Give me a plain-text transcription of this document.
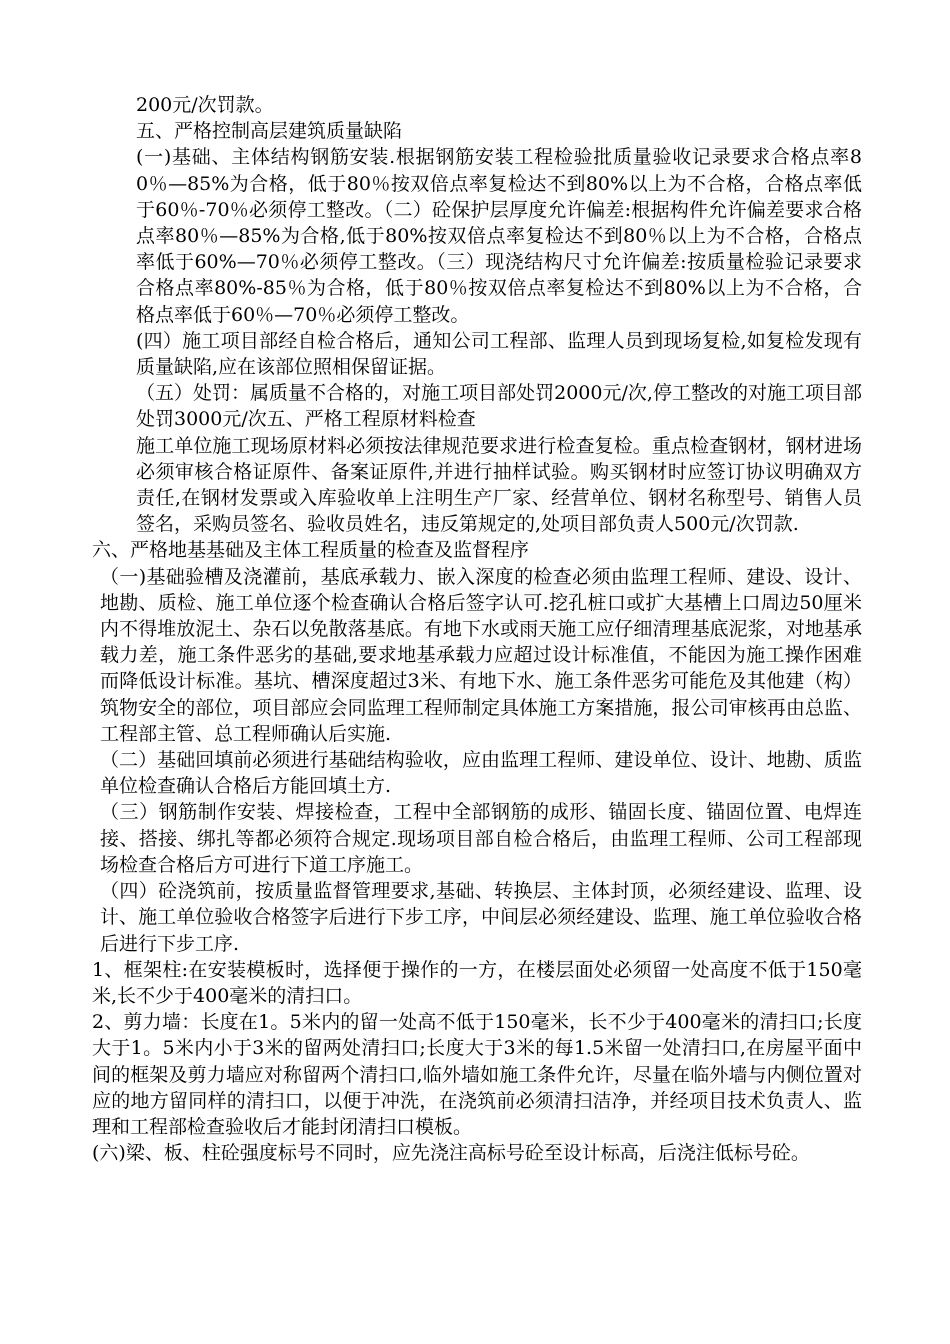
200元/次罚款。

五、严格控制高层建筑质量缺陷

(一)基础、主体结构钢筋安装.根据钢筋安装工程检验批质量验收记录要求合格点率80％—85%为合格，低于80％按双倍点率复检达不到80%以上为不合格，合格点率低于60％-70％必须停工整改。（二）砼保护层厚度允许偏差:根据构件允许偏差要求合格点率80％—85%为合格,低于80%按双倍点率复检达不到80％以上为不合格，合格点率低于60%—70％必须停工整改。（三）现浇结构尺寸允许偏差:按质量检验记录要求合格点率80%-85％为合格，低于80％按双倍点率复检达不到80%以上为不合格，合格点率低于60％—70％必须停工整改。

(四）施工项目部经自检合格后，通知公司工程部、监理人员到现场复检,如复检发现有质量缺陷,应在该部位照相保留证据。

（五）处罚：属质量不合格的，对施工项目部处罚2000元/次,停工整改的对施工项目部处罚3000元/次五、严格工程原材料检查

施工单位施工现场原材料必须按法律规范要求进行检查复检。重点检查钢材，钢材进场必须审核合格证原件、备案证原件,并进行抽样试验。购买钢材时应签订协议明确双方责任,在钢材发票或入库验收单上注明生产厂家、经营单位、钢材名称型号、销售人员签名，采购员签名、验收员姓名，违反第规定的,处项目部负责人500元/次罚款.

六、严格地基基础及主体工程质量的检查及监督程序

（一)基础验槽及浇灌前，基底承载力、嵌入深度的检查必须由监理工程师、建设、设计、地勘、质检、施工单位逐个检查确认合格后签字认可.挖孔桩口或扩大基槽上口周边50厘米内不得堆放泥土、杂石以免散落基底。有地下水或雨天施工应仔细清理基底泥浆，对地基承载力差，施工条件恶劣的基础,要求地基承载力应超过设计标准值，不能因为施工操作困难而降低设计标准。基坑、槽深度超过3米、有地下水、施工条件恶劣可能危及其他建（构）筑物安全的部位，项目部应会同监理工程师制定具体施工方案措施，报公司审核再由总监、工程部主管、总工程师确认后实施.

（二）基础回填前必须进行基础结构验收，应由监理工程师、建设单位、设计、地勘、质监单位检查确认合格后方能回填土方.

（三）钢筋制作安装、焊接检查，工程中全部钢筋的成形、锚固长度、锚固位置、电焊连接、搭接、绑扎等都必须符合规定.现场项目部自检合格后，由监理工程师、公司工程部现场检查合格后方可进行下道工序施工。

（四）砼浇筑前，按质量监督管理要求,基础、转换层、主体封顶，必须经建设、监理、设计、施工单位验收合格签字后进行下步工序，中间层必须经建设、监理、施工单位验收合格后进行下步工序.

1、框架柱:在安装模板时，选择便于操作的一方，在楼层面处必须留一处高度不低于150毫米,长不少于400毫米的清扫口。

2、剪力墙：长度在1。5米内的留一处高不低于150毫米，长不少于400毫米的清扫口;长度大于1。5米内小于3米的留两处清扫口;长度大于3米的每1.5米留一处清扫口,在房屋平面中间的框架及剪力墙应对称留两个清扫口,临外墙如施工条件允许，尽量在临外墙与内侧位置对应的地方留同样的清扫口，以便于冲洗，在浇筑前必须清扫洁净，并经项目技术负责人、监理和工程部检查验收后才能封闭清扫口模板。

(六)梁、板、柱砼强度标号不同时，应先浇注高标号砼至设计标高，后浇注低标号砼。
